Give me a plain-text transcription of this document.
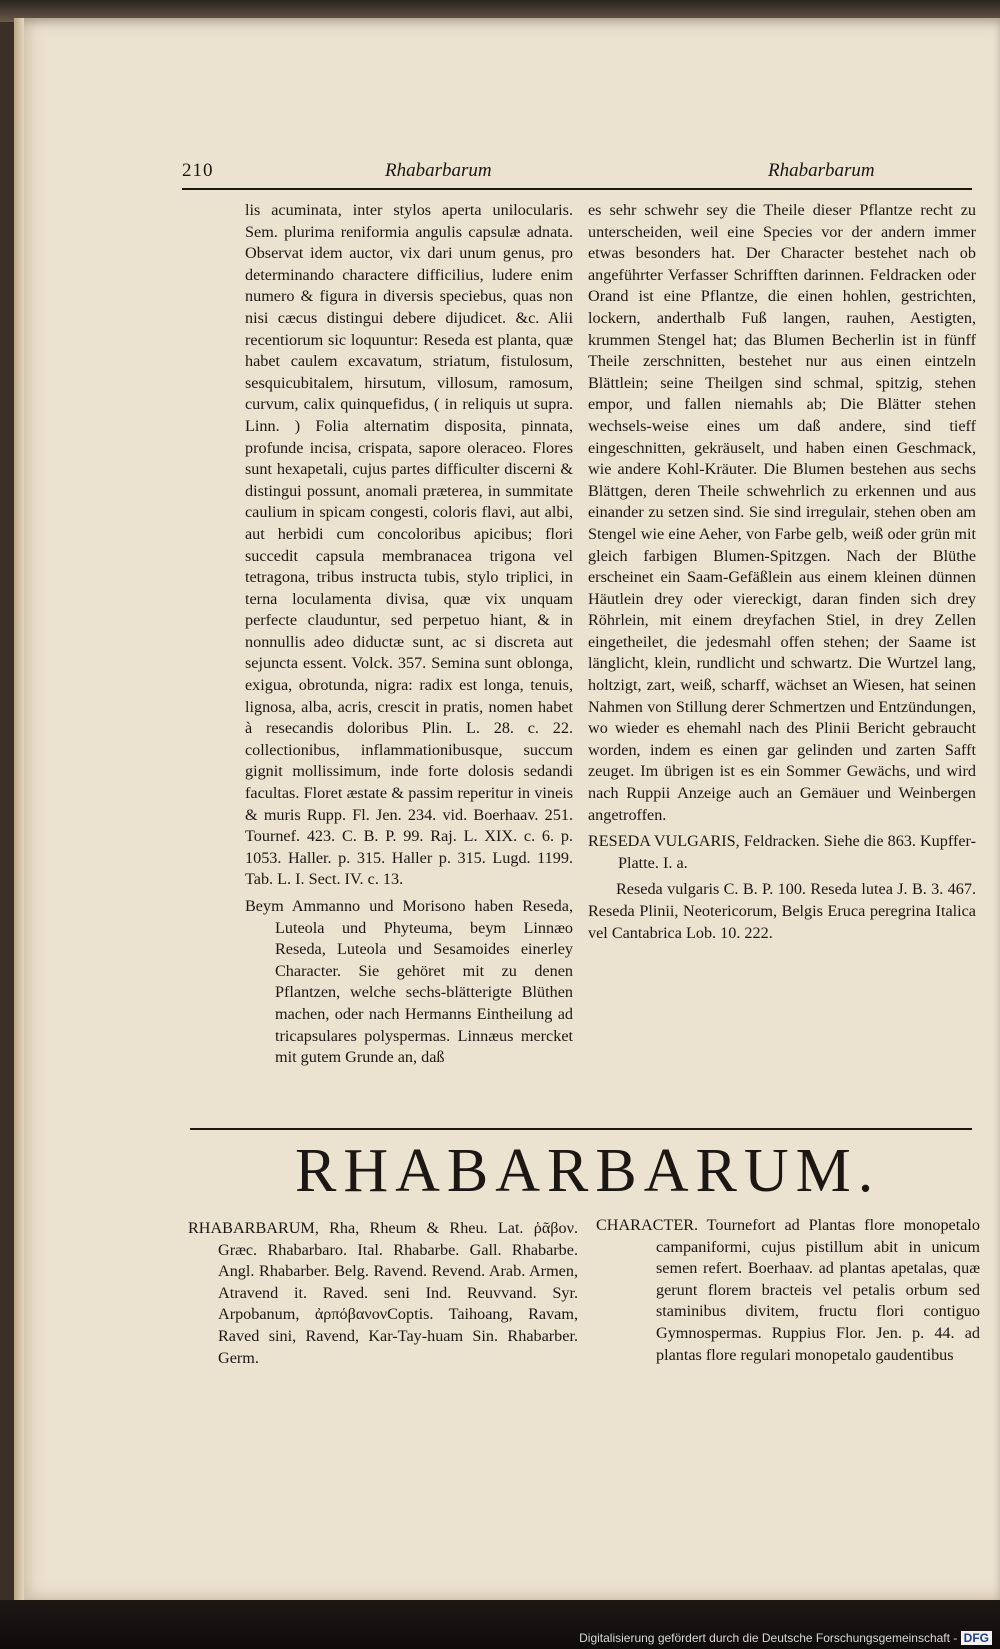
210	Rhabarbarum	Rhabarbarum

lis acuminata, inter stylos aperta unilocularis. Sem. plurima reniformia angulis capsulæ adnata. Observat idem auctor, vix dari unum genus, pro determinando charactere difficilius, ludere enim numero & figura in diversis speciebus, quas non nisi cæcus distingui debere dijudicet. &c. Alii recentiorum sic loquuntur: Reseda est planta, quæ habet caulem excavatum, striatum, fistulosum, sesquicubitalem, hirsutum, villosum, ramosum, curvum, calix quinquefidus, ( in reliquis ut supra. Linn. ) Folia alternatim disposita, pinnata, profunde incisa, crispata, sapore oleraceo. Flores sunt hexapetali, cujus partes difficulter discerni & distingui possunt, anomali præterea, in summitate caulium in spicam congesti, coloris flavi, aut albi, aut herbidi cum concoloribus apicibus; flori succedit capsula membranacea trigona vel tetragona, tribus instructa tubis, stylo triplici, in terna loculamenta divisa, quæ vix unquam perfecte clauduntur, sed perpetuo hiant, & in nonnullis adeo diductæ sunt, ac si discreta aut sejuncta essent. Volck. 357. Semina sunt oblonga, exigua, obrotunda, nigra: radix est longa, tenuis, lignosa, alba, acris, crescit in pratis, nomen habet à resecandis doloribus Plin. L. 28. c. 22. collectionibus, inflammationibusque, succum gignit mollissimum, inde forte dolosis sedandi facultas. Floret æstate & passim reperitur in vineis & muris Rupp. Fl. Jen. 234. vid. Boerhaav. 251. Tournef. 423. C. B. P. 99. Raj. L. XIX. c. 6. p. 1053. Haller. p. 315. Haller p. 315. Lugd. 1199. Tab. L. I. Sect. IV. c. 13.

Beym Ammanno und Morisono haben Reseda, Luteola und Phyteuma, beym Linnæo Reseda, Luteola und Sesamoides einerley Character. Sie gehöret mit zu denen Pflantzen, welche sechs-blätterigte Blüthen machen, oder nach Hermanns Eintheilung ad tricapsulares polyspermas. Linnæus mercket mit gutem Grunde an, daß

es sehr schwehr sey die Theile dieser Pflantze recht zu unterscheiden, weil eine Species vor der andern immer etwas besonders hat. Der Character bestehet nach ob angeführter Verfasser Schrifften darinnen. Feldracken oder Orand ist eine Pflantze, die einen hohlen, gestrichten, lockern, anderthalb Fuß langen, rauhen, Aestigten, krummen Stengel hat; das Blumen Becherlin ist in fünff Theile zerschnitten, bestehet nur aus einen eintzeln Blättlein; seine Theilgen sind schmal, spitzig, stehen empor, und fallen niemahls ab; Die Blätter stehen wechsels-weise eines um daß andere, sind tieff eingeschnitten, gekräuselt, und haben einen Geschmack, wie andere Kohl-Kräuter. Die Blumen bestehen aus sechs Blättgen, deren Theile schwehrlich zu erkennen und aus einander zu setzen sind. Sie sind irregulair, stehen oben am Stengel wie eine Aeher, von Farbe gelb, weiß oder grün mit gleich farbigen Blumen-Spitzgen. Nach der Blüthe erscheinet ein Saam-Gefäßlein aus einem kleinen dünnen Häutlein drey oder viereckigt, daran finden sich drey Röhrlein, mit einem dreyfachen Stiel, in drey Zellen eingetheilet, die jedesmahl offen stehen; der Saame ist länglicht, klein, rundlicht und schwartz. Die Wurtzel lang, holtzigt, zart, weiß, scharff, wächset an Wiesen, hat seinen Nahmen von Stillung derer Schmertzen und Entzündungen, wo wieder es ehemahl nach des Plinii Bericht gebraucht worden, indem es einen gar gelinden und zarten Safft zeuget. Im übrigen ist es ein Sommer Gewächs, und wird nach Ruppii Anzeige auch an Gemäuer und Weinbergen angetroffen.

RESEDA VULGARIS, Feldracken. Siehe die 863. Kupffer-Platte. I. a.

Reseda vulgaris C. B. P. 100. Reseda lutea J. B. 3. 467. Reseda Plinii, Neotericorum, Belgis Eruca peregrina Italica vel Cantabrica Lob. 10. 222.

RHABARBARUM.

RHABARBARUM, Rha, Rheum & Rheu. Lat. ῥᾶβον. Græc. Rhabarbaro. Ital. Rhabarbe. Gall. Rhabarbe. Angl. Rhabarber. Belg. Ravend. Revend. Arab. Armen, Atravend it. Raved. seni Ind. Reuvvand. Syr. Arpobanum, ἀρπόβανονCoptis. Taihoang, Ravam, Raved sini, Ravend, Kar-Tay-huam Sin. Rhabarber. Germ.

CHARACTER. Tournefort ad Plantas flore monopetalo campaniformi, cujus pistillum abit in unicum semen refert. Boerhaav. ad plantas apetalas, quæ gerunt florem bracteis vel petalis orbum sed staminibus divitem, fructu flori contiguo Gymnospermas. Ruppius Flor. Jen. p. 44. ad plantas flore regulari monopetalo gaudentibus

Digitalisierung gefördert durch die Deutsche Forschungsgemeinschaft - DFG
